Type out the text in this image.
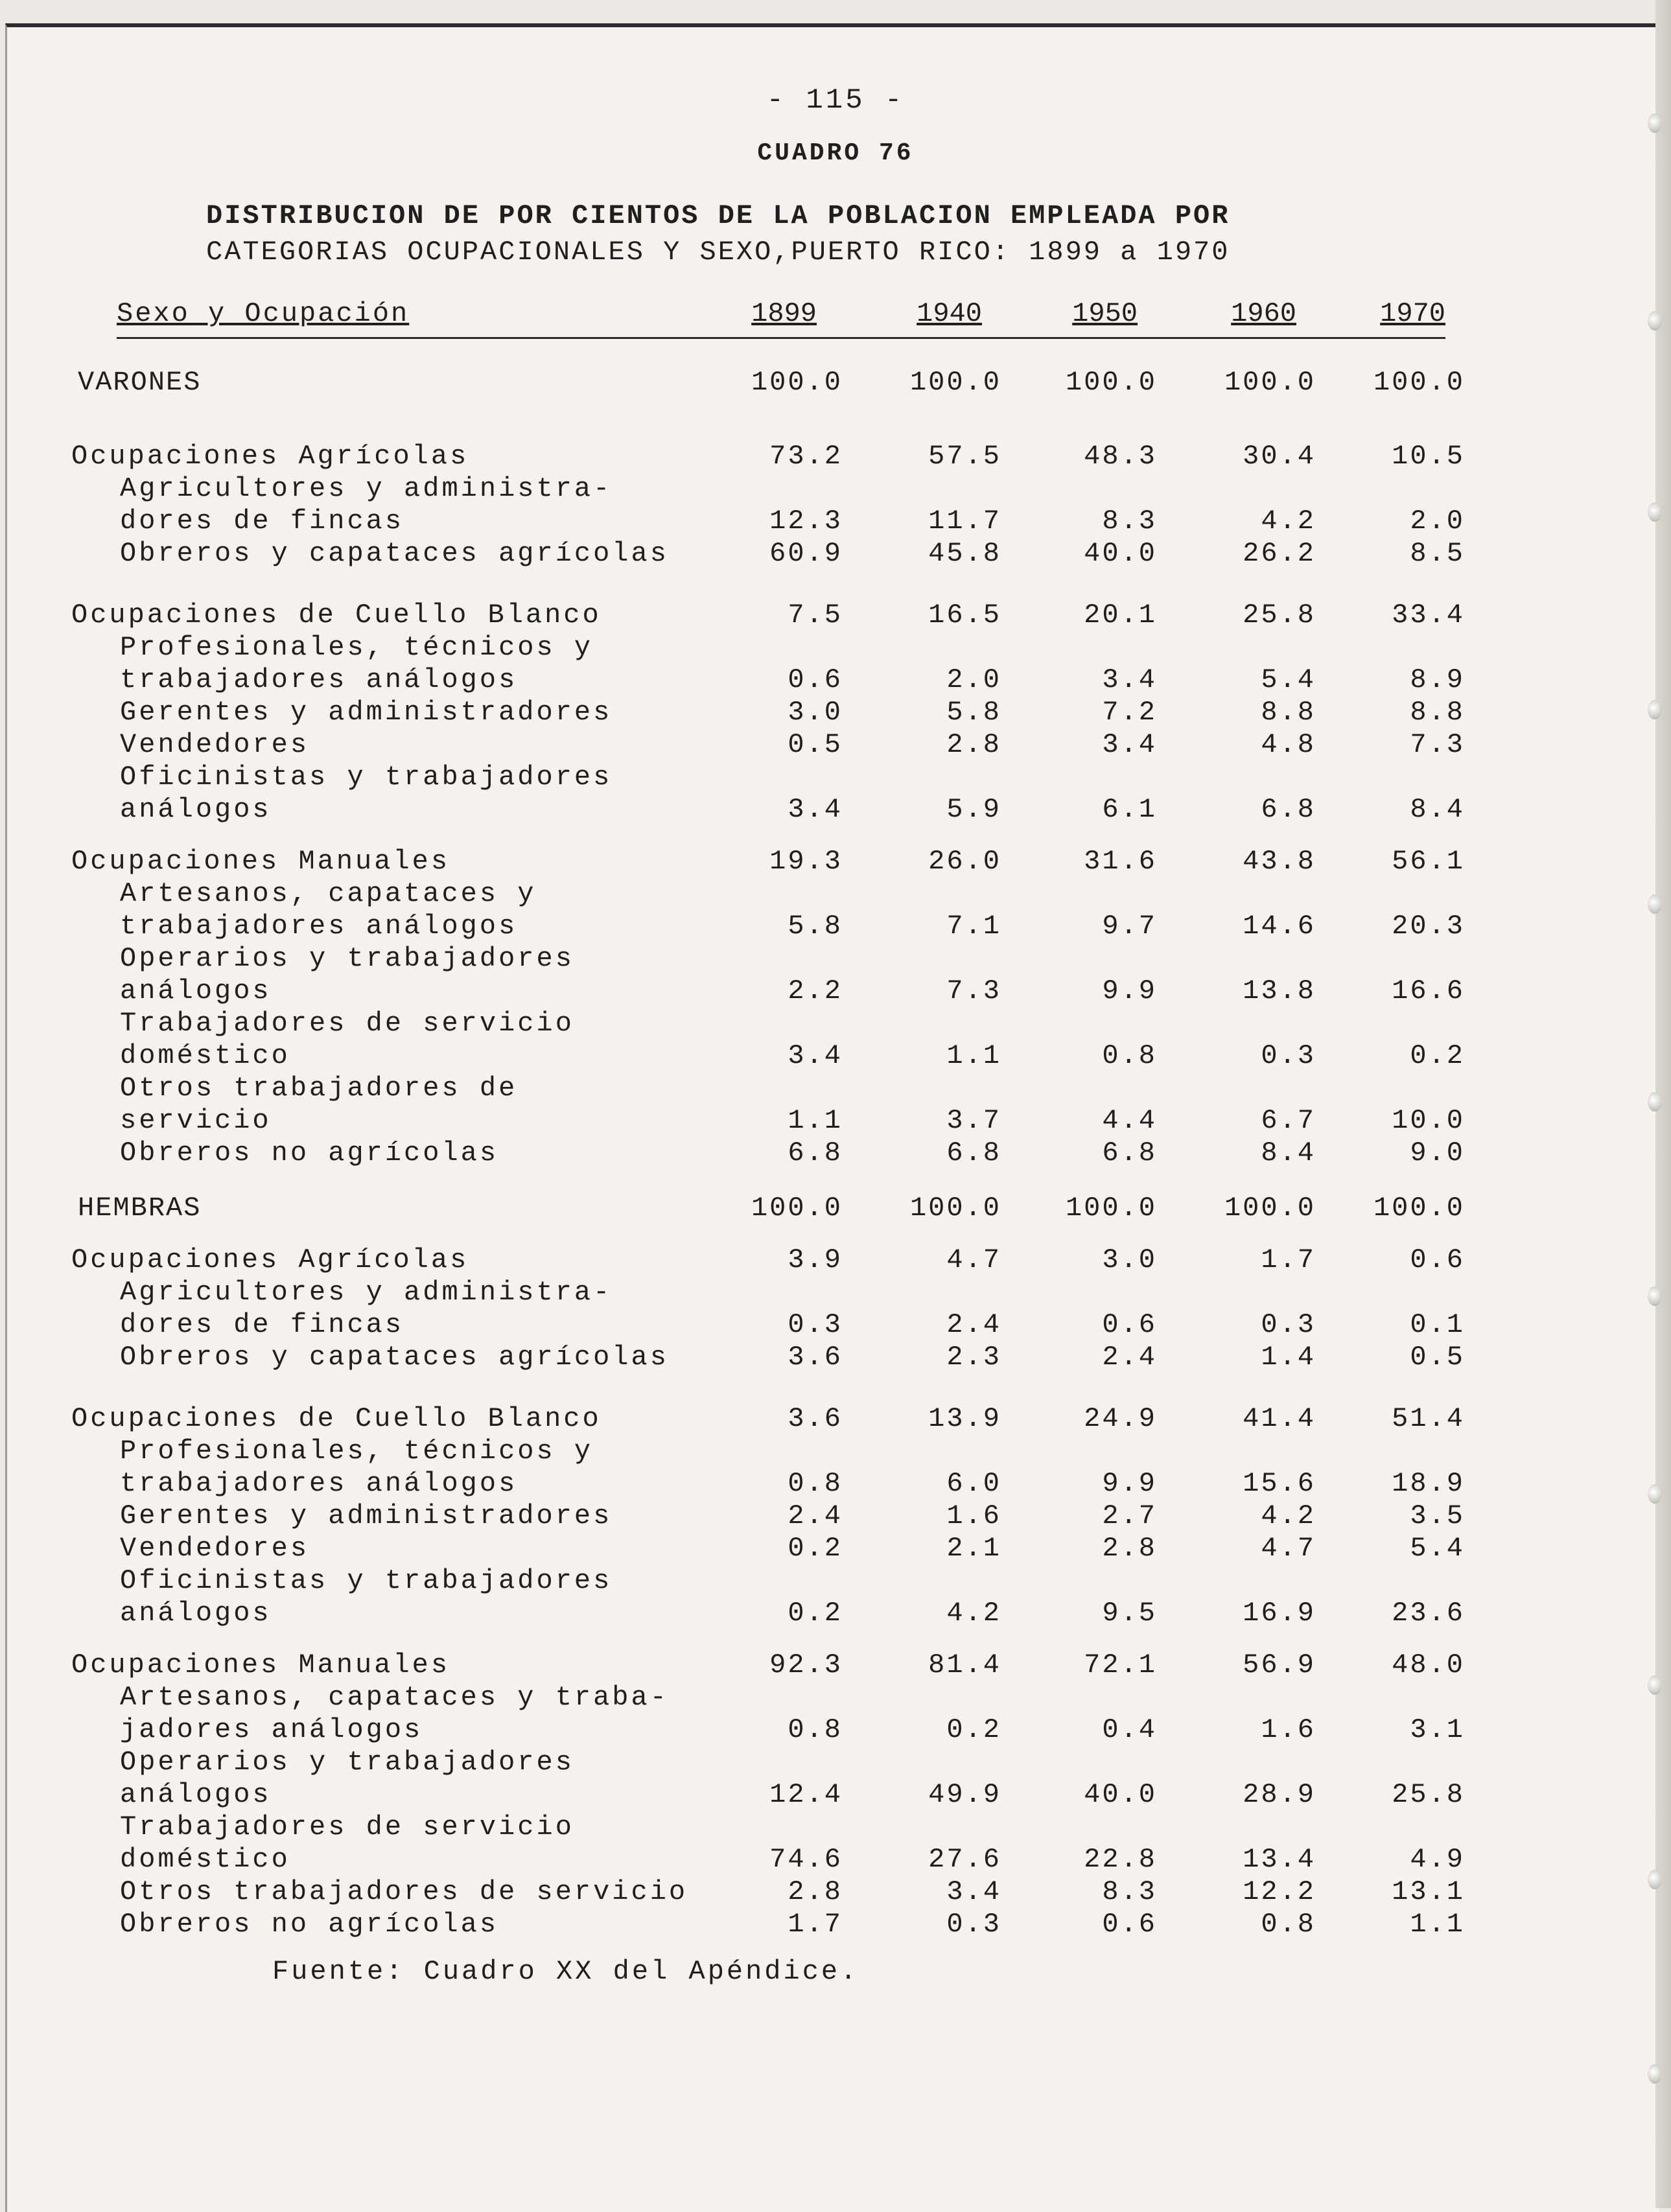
- 115 -
CUADRO 76
DISTRIBUCION DE POR CIENTOS DE LA POBLACION EMPLEADA POR
CATEGORIAS OCUPACIONALES Y SEXO,PUERTO RICO: 1899 a 1970
Sexo y Ocupación	1899	1940	1950	1960	1970
VARONES	100.0	100.0	100.0	100.0	100.0
Ocupaciones Agrícolas	73.2	57.5	48.3	30.4	10.5
Agricultores y administra-
dores de fincas	12.3	11.7	8.3	4.2	2.0
Obreros y capataces agrícolas	60.9	45.8	40.0	26.2	8.5
Ocupaciones de Cuello Blanco	7.5	16.5	20.1	25.8	33.4
Profesionales, técnicos y
trabajadores análogos	0.6	2.0	3.4	5.4	8.9
Gerentes y administradores	3.0	5.8	7.2	8.8	8.8
Vendedores	0.5	2.8	3.4	4.8	7.3
Oficinistas y trabajadores
análogos	3.4	5.9	6.1	6.8	8.4
Ocupaciones Manuales	19.3	26.0	31.6	43.8	56.1
Artesanos, capataces y
trabajadores análogos	5.8	7.1	9.7	14.6	20.3
Operarios y trabajadores
análogos	2.2	7.3	9.9	13.8	16.6
Trabajadores de servicio
doméstico	3.4	1.1	0.8	0.3	0.2
Otros trabajadores de
servicio	1.1	3.7	4.4	6.7	10.0
Obreros no agrícolas	6.8	6.8	6.8	8.4	9.0
HEMBRAS	100.0	100.0	100.0	100.0	100.0
Ocupaciones Agrícolas	3.9	4.7	3.0	1.7	0.6
Agricultores y administra-
dores de fincas	0.3	2.4	0.6	0.3	0.1
Obreros y capataces agrícolas	3.6	2.3	2.4	1.4	0.5
Ocupaciones de Cuello Blanco	3.6	13.9	24.9	41.4	51.4
Profesionales, técnicos y
trabajadores análogos	0.8	6.0	9.9	15.6	18.9
Gerentes y administradores	2.4	1.6	2.7	4.2	3.5
Vendedores	0.2	2.1	2.8	4.7	5.4
Oficinistas y trabajadores
análogos	0.2	4.2	9.5	16.9	23.6
Ocupaciones Manuales	92.3	81.4	72.1	56.9	48.0
Artesanos, capataces y traba-
jadores análogos	0.8	0.2	0.4	1.6	3.1
Operarios y trabajadores
análogos	12.4	49.9	40.0	28.9	25.8
Trabajadores de servicio
doméstico	74.6	27.6	22.8	13.4	4.9
Otros trabajadores de servicio	2.8	3.4	8.3	12.2	13.1
Obreros no agrícolas	1.7	0.3	0.6	0.8	1.1
Fuente: Cuadro XX del Apéndice.
